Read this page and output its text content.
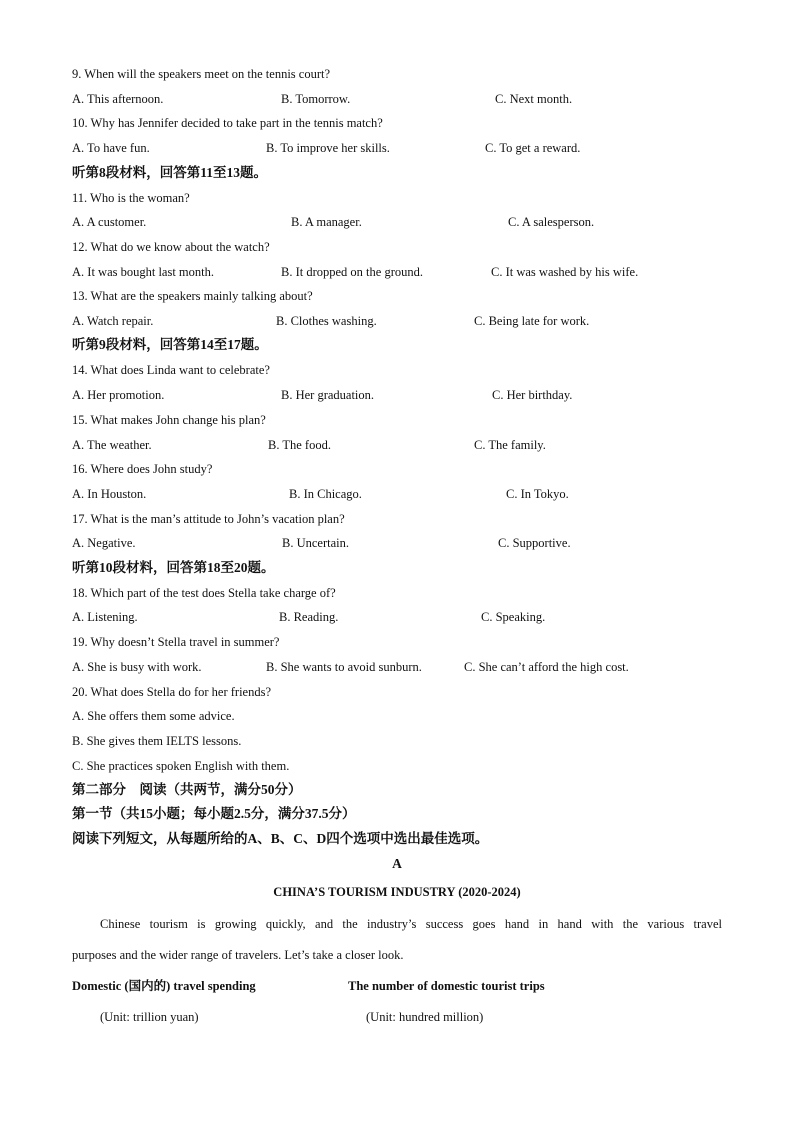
9. When will the speakers meet on the tennis court?
A. This afternoon.	B. Tomorrow.	C. Next month.
10. Why has Jennifer decided to take part in the tennis match?
A. To have fun.	B. To improve her skills.	C. To get a reward.
听第8段材料，回答第11至13题。
11. Who is the woman?
A. A customer.	B. A manager.	C. A salesperson.
12. What do we know about the watch?
A. It was bought last month.	B. It dropped on the ground.	C. It was washed by his wife.
13. What are the speakers mainly talking about?
A. Watch repair.	B. Clothes washing.	C. Being late for work.
听第9段材料，回答第14至17题。
14. What does Linda want to celebrate?
A. Her promotion.	B. Her graduation.	C. Her birthday.
15. What makes John change his plan?
A. The weather.	B. The food.	C. The family.
16. Where does John study?
A. In Houston.	B. In Chicago.	C. In Tokyo.
17. What is the man’s attitude to John’s vacation plan?
A. Negative.	B. Uncertain.	C. Supportive.
听第10段材料，回答第18至20题。
18. Which part of the test does Stella take charge of?
A. Listening.	B. Reading.	C. Speaking.
19. Why doesn’t Stella travel in summer?
A. She is busy with work.	B. She wants to avoid sunburn.	C. She can’t afford the high cost.
20. What does Stella do for her friends?
A. She offers them some advice.
B. She gives them IELTS lessons.
C. She practices spoken English with them.
第二部分　阅读（共两节，满分50分）
第一节（共15小题；每小题2.5分，满分37.5分）
阅读下列短文，从每题所给的A、B、C、D四个选项中选出最佳选项。
A
CHINA’S TOURISM INDUSTRY (2020-2024)
Chinese tourism is growing quickly, and the industry’s success goes hand in hand with the various travel
purposes and the wider range of travelers. Let’s take a closer look.
Domestic (国内的) travel spending	The number of domestic tourist trips
(Unit: trillion yuan)	(Unit: hundred million)
